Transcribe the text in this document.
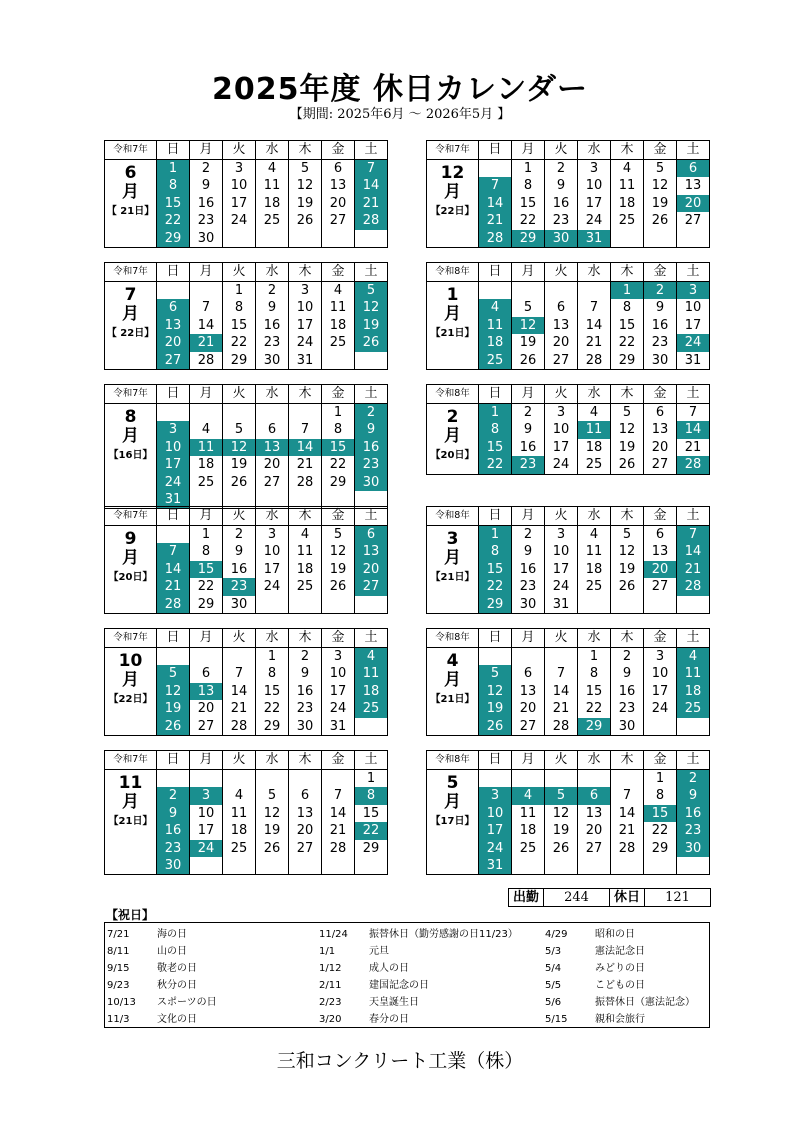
2025年度 休日カレンダー
【期間: 2025年6月 ～ 2026年5月 】
令和7年	日	月	火	水	木	金	土

6
月
【 21日】	1	2	3	4	5	6	7
	8	9	10	11	12	13	14
	15	16	17	18	19	20	21
	22	23	24	25	26	27	28
	29	30					
令和7年	日	月	火	水	木	金	土

7
月
【 22日】			1	2	3	4	5
	6	7	8	9	10	11	12
	13	14	15	16	17	18	19
	20	21	22	23	24	25	26
	27	28	29	30	31		
令和7年	日	月	火	水	木	金	土

8
月
【16日】						1	2
	3	4	5	6	7	8	9
	10	11	12	13	14	15	16
	17	18	19	20	21	22	23
	24	25	26	27	28	29	30
	31						
令和7年	日	月	火	水	木	金	土

9
月
【20日】		1	2	3	4	5	6
	7	8	9	10	11	12	13
	14	15	16	17	18	19	20
	21	22	23	24	25	26	27
	28	29	30				
令和7年	日	月	火	水	木	金	土

10
月
【22日】				1	2	3	4
	5	6	7	8	9	10	11
	12	13	14	15	16	17	18
	19	20	21	22	23	24	25
	26	27	28	29	30	31	
令和7年	日	月	火	水	木	金	土

11
月
【21日】							1
	2	3	4	5	6	7	8
	9	10	11	12	13	14	15
	16	17	18	19	20	21	22
	23	24	25	26	27	28	29
	30						
令和7年	日	月	火	水	木	金	土

12
月
【22日】		1	2	3	4	5	6
	7	8	9	10	11	12	13
	14	15	16	17	18	19	20
	21	22	23	24	25	26	27
	28	29	30	31			
令和8年	日	月	火	水	木	金	土

1
月
【21日】					1	2	3
	4	5	6	7	8	9	10
	11	12	13	14	15	16	17
	18	19	20	21	22	23	24
	25	26	27	28	29	30	31
令和8年	日	月	火	水	木	金	土

2
月
【20日】	1	2	3	4	5	6	7
	8	9	10	11	12	13	14
	15	16	17	18	19	20	21
	22	23	24	25	26	27	28
令和8年	日	月	火	水	木	金	土

3
月
【21日】	1	2	3	4	5	6	7
	8	9	10	11	12	13	14
	15	16	17	18	19	20	21
	22	23	24	25	26	27	28
	29	30	31				
令和8年	日	月	火	水	木	金	土

4
月
【21日】				1	2	3	4
	5	6	7	8	9	10	11
	12	13	14	15	16	17	18
	19	20	21	22	23	24	25
	26	27	28	29	30		
令和8年	日	月	火	水	木	金	土

5
月
【17日】						1	2
	3	4	5	6	7	8	9
	10	11	12	13	14	15	16
	17	18	19	20	21	22	23
	24	25	26	27	28	29	30
	31						
出勤	244	休日	121
【祝日】
7/21	海の日
8/11	山の日
9/15	敬老の日
9/23	秋分の日
10/13 スポーツの日
11/3	文化の日
11/24 振替休日（勤労感謝の日11/23）
1/1	元旦
1/12	成人の日
2/11	建国記念の日
2/23	天皇誕生日
3/20	春分の日
4/29	昭和の日
5/3	憲法記念日
5/4	みどりの日
5/5	こどもの日
5/6	振替休日（憲法記念）
5/15	親和会旅行
三和コンクリート工業（株）
